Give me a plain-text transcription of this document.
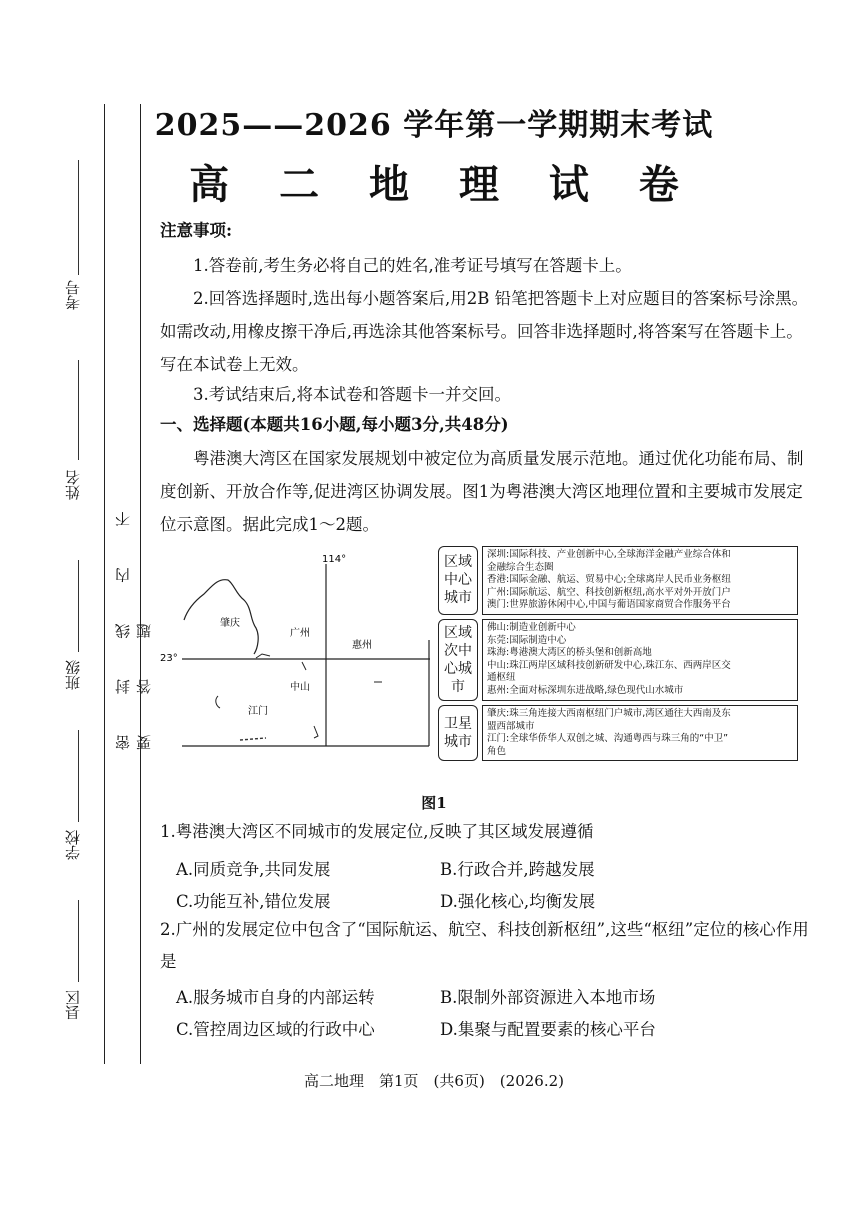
考号
姓名
班级
学校
县区
密 封 线 内 不 要 答 题
2025——2026 学年第一学期期末考试
高 二 地 理 试 卷
注意事项:
1.答卷前,考生务必将自己的姓名,准考证号填写在答题卡上。
2.回答选择题时,选出每小题答案后,用2B 铅笔把答题卡上对应题目的答案标号涂黑。如需改动,用橡皮擦干净后,再选涂其他答案标号。回答非选择题时,将答案写在答题卡上。写在本试卷上无效。
3.考试结束后,将本试卷和答题卡一并交回。
一、选择题(本题共16小题,每小题3分,共48分)
粤港澳大湾区在国家发展规划中被定位为高质量发展示范地。通过优化功能布局、制度创新、开放合作等,促进湾区协调发展。图1为粤港澳大湾区地理位置和主要城市发展定位示意图。据此完成1～2题。
114°
23°
肇庆
广州
惠州
中山
江门
区域中心城市
深圳:国际科技、产业创新中心,全球海洋金融产业综合体和
金融综合生态圈
香港:国际金融、航运、贸易中心;全球离岸人民币业务枢纽
广州:国际航运、航空、科技创新枢纽,高水平对外开放门户
澳门:世界旅游休闲中心,中国与葡语国家商贸合作服务平台
区域次中心城市
佛山:制造业创新中心
东莞:国际制造中心
珠海:粤港澳大湾区的桥头堡和创新高地
中山:珠江两岸区域科技创新研发中心,珠江东、西两岸区交
通枢纽
惠州:全面对标深圳东进战略,绿色现代山水城市
卫星城市
肇庆:珠三角连接大西南枢纽门户城市,湾区通往大西南及东
盟西部城市
江门:全球华侨华人双创之城、沟通粤西与珠三角的“中卫”
角色
图1
1.粤港澳大湾区不同城市的发展定位,反映了其区域发展遵循
A.同质竞争,共同发展	B.行政合并,跨越发展
C.功能互补,错位发展	D.强化核心,均衡发展
2.广州的发展定位中包含了“国际航运、航空、科技创新枢纽”,这些“枢纽”定位的核心作用是
A.服务城市自身的内部运转	B.限制外部资源进入本地市场
C.管控周边区域的行政中心	D.集聚与配置要素的核心平台
高二地理　第1页　(共6页)　(2026.2)
